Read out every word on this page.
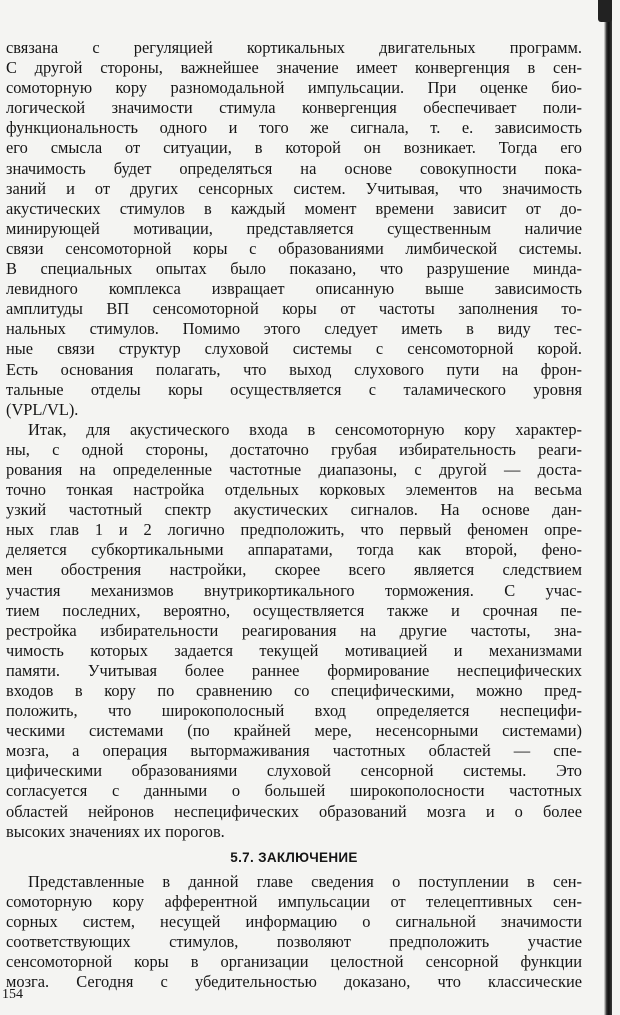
связана с регуляцией кортикальных двигательных программ.
С другой стороны, важнейшее значение имеет конвергенция в сен-
сомоторную кору разномодальной импульсации. При оценке био-
логической значимости стимула конвергенция обеспечивает поли-
функциональность одного и того же сигнала, т. е. зависимость
его смысла от ситуации, в которой он возникает. Тогда его
значимость будет определяться на основе совокупности пока-
заний и от других сенсорных систем. Учитывая, что значимость
акустических стимулов в каждый момент времени зависит от до-
минирующей мотивации, представляется существенным наличие
связи сенсомоторной коры с образованиями лимбической системы.
В специальных опытах было показано, что разрушение минда-
левидного комплекса извращает описанную выше зависимость
амплитуды ВП сенсомоторной коры от частоты заполнения то-
нальных стимулов. Помимо этого следует иметь в виду тес-
ные связи структур слуховой системы с сенсомоторной корой.
Есть основания полагать, что выход слухового пути на фрон-
тальные отделы коры осуществляется с таламического уровня
(VPL/VL).
Итак, для акустического входа в сенсомоторную кору характер-
ны, с одной стороны, достаточно грубая избирательность реаги-
рования на определенные частотные диапазоны, с другой — доста-
точно тонкая настройка отдельных корковых элементов на весьма
узкий частотный спектр акустических сигналов. На основе дан-
ных глав 1 и 2 логично предположить, что первый феномен опре-
деляется субкортикальными аппаратами, тогда как второй, фено-
мен обострения настройки, скорее всего является следствием
участия механизмов внутрикортикального торможения. С учас-
тием последних, вероятно, осуществляется также и срочная пе-
рестройка избирательности реагирования на другие частоты, зна-
чимость которых задается текущей мотивацией и механизмами
памяти. Учитывая более раннее формирование неспецифических
входов в кору по сравнению со специфическими, можно пред-
положить, что широкополосный вход определяется неспецифи-
ческими системами (по крайней мере, несенсорными системами)
мозга, а операция вытормаживания частотных областей — спе-
цифическими образованиями слуховой сенсорной системы. Это
согласуется с данными о большей широкополосности частотных
областей нейронов неспецифических образований мозга и о более
высоких значениях их порогов.
5.7. ЗАКЛЮЧЕНИЕ
Представленные в данной главе сведения о поступлении в сен-
сомоторную кору афферентной импульсации от телецептивных сен-
сорных систем, несущей информацию о сигнальной значимости
соответствующих стимулов, позволяют предположить участие
сенсомоторной коры в организации целостной сенсорной функции
мозга. Сегодня с убедительностью доказано, что классические
154
